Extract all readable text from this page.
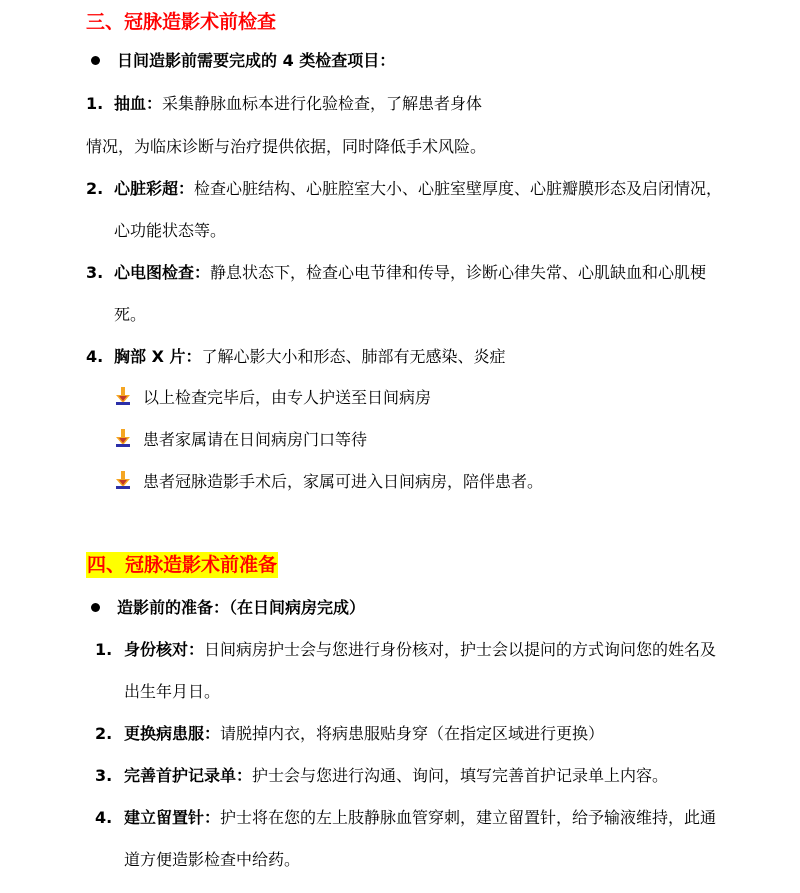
三、冠脉造影术前检查
日间造影前需要完成的 4 类检查项目：
1. 抽血：采集静脉血标本进行化验检查，了解患者身体
情况，为临床诊断与治疗提供依据，同时降低手术风险。
2. 心脏彩超：检查心脏结构、心脏腔室大小、心脏室壁厚度、心脏瓣膜形态及启闭情况，
心功能状态等。
3. 心电图检查：静息状态下，检查心电节律和传导，诊断心律失常、心肌缺血和心肌梗
死。
4. 胸部 X 片：了解心影大小和形态、肺部有无感染、炎症
以上检查完毕后，由专人护送至日间病房
患者家属请在日间病房门口等待
患者冠脉造影手术后，家属可进入日间病房，陪伴患者。
四、冠脉造影术前准备
造影前的准备：（在日间病房完成）
1. 身份核对：日间病房护士会与您进行身份核对，护士会以提问的方式询问您的姓名及
出生年月日。
2. 更换病患服：请脱掉内衣，将病患服贴身穿（在指定区域进行更换）
3. 完善首护记录单：护士会与您进行沟通、询问，填写完善首护记录单上内容。
4. 建立留置针：护士将在您的左上肢静脉血管穿刺，建立留置针，给予输液维持，此通
道方便造影检查中给药。
